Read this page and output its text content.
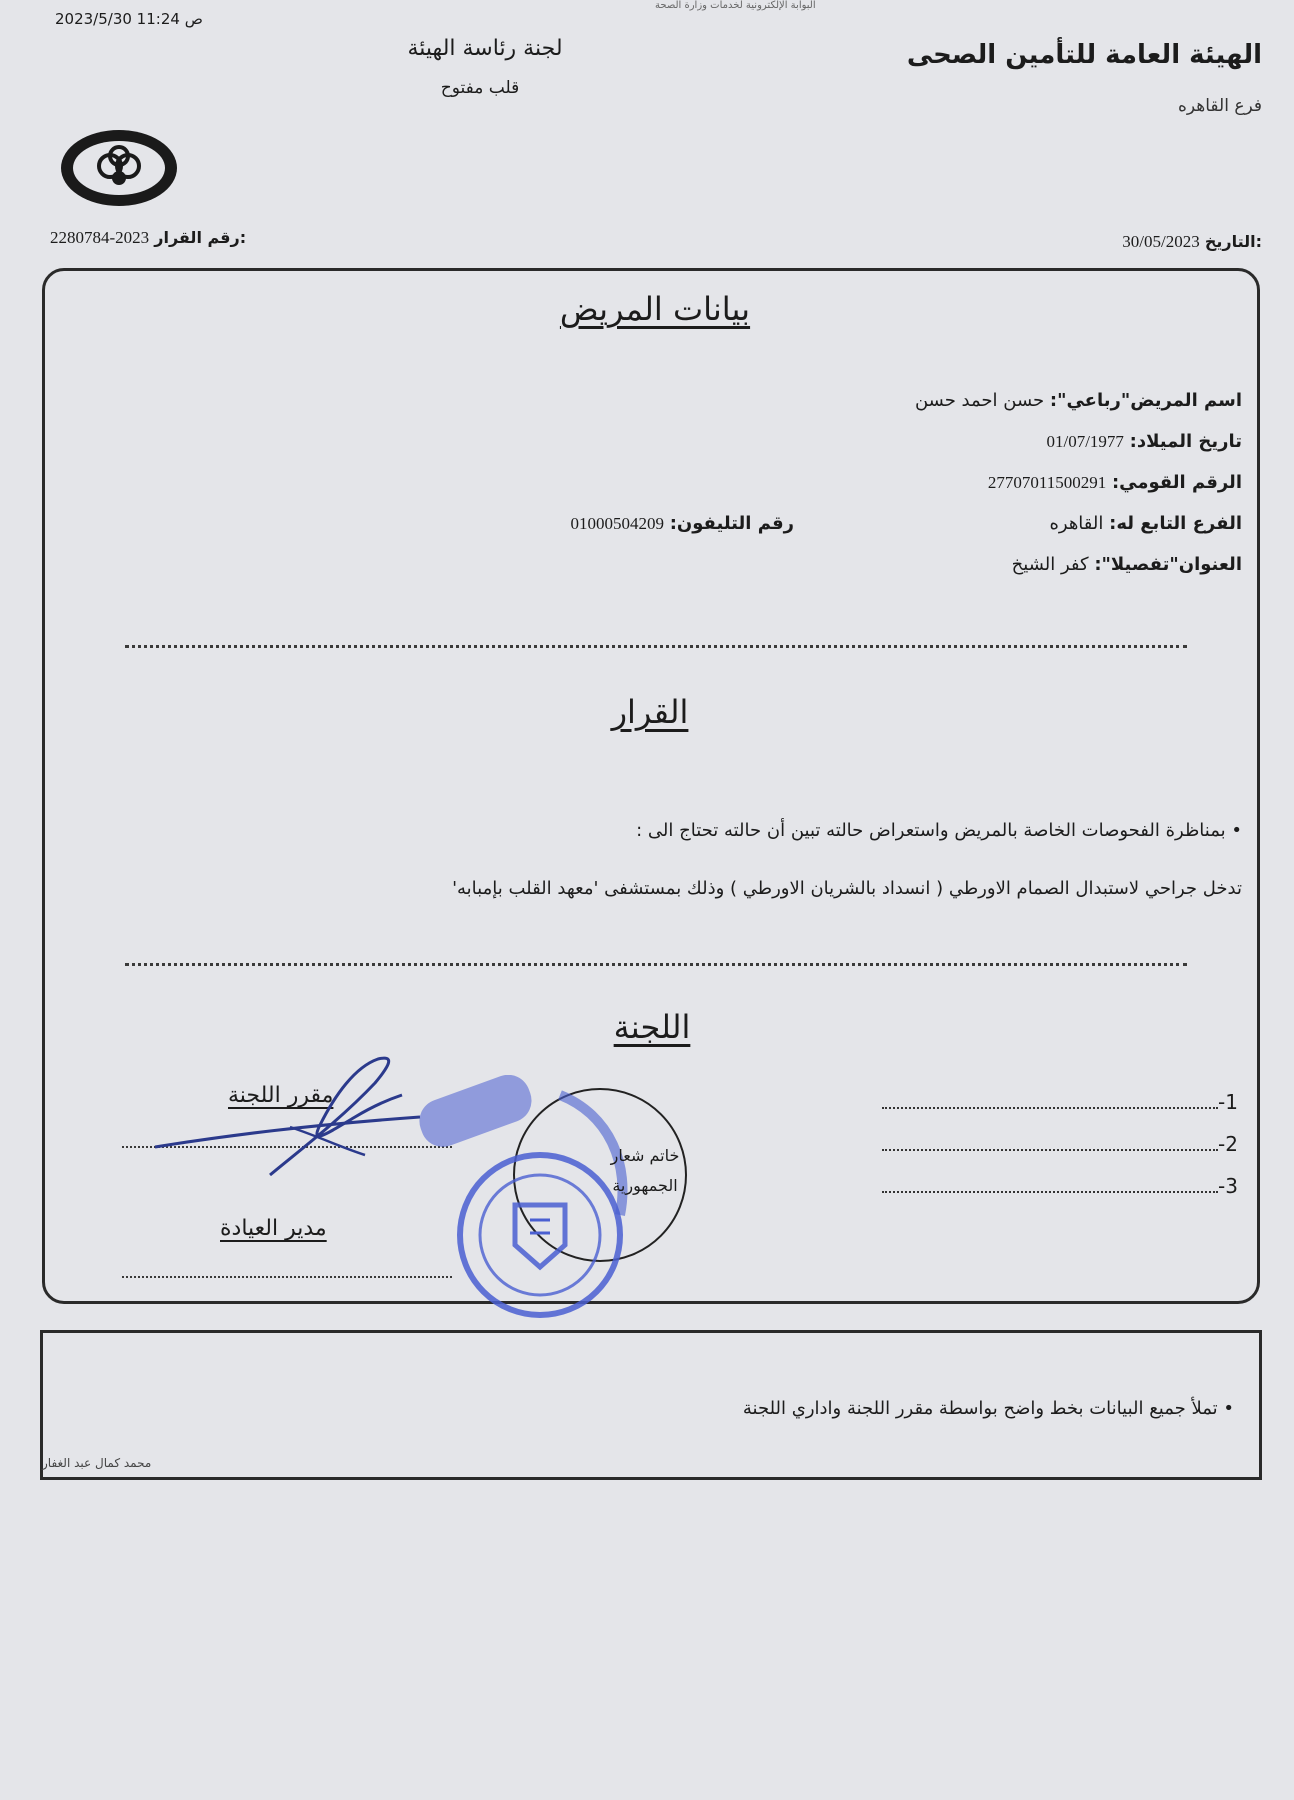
2023/5/30 11:24 ص
البوابة الإلكترونية لخدمات وزارة الصحة
الهيئة العامة للتأمين الصحى
فرع القاهره
لجنة رئاسة الهيئة
قلب مفتوح
2280784-2023 رقم القرار:	30/05/2023 التاريخ:
بيانات المريض
اسم المريض"رباعي": حسن احمد حسن
تاريخ الميلاد: 01/07/1977
الرقم القومي: 27707011500291
الفرع التابع له: القاهره
رقم التليفون: 01000504209
العنوان"تفصيلا": كفر الشيخ
القرار
• بمناظرة الفحوصات الخاصة بالمريض واستعراض حالته تبين أن حالته تحتاج الى :
تدخل جراحي لاستبدال الصمام الاورطي ( انسداد بالشريان الاورطي ) وذلك بمستشفى 'معهد القلب بإمبابه'
اللجنة
-1
-2
-3
مقرر اللجنة
مدير العيادة
خاتم شعار
الجمهورية
• تملأ جميع البيانات بخط واضح بواسطة مقرر اللجنة واداري اللجنة
محمد كمال عبد الغفار
